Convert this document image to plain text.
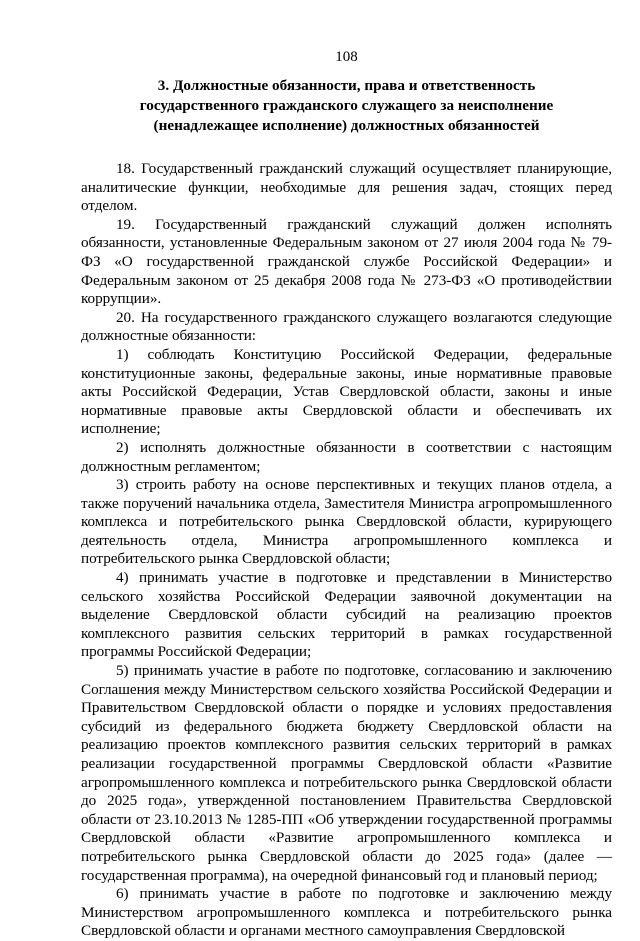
108
3. Должностные обязанности, права и ответственность
государственного гражданского служащего за неисполнение
(ненадлежащее исполнение) должностных обязанностей

18. Государственный гражданский служащий осуществляет планирующие, аналитические функции, необходимые для решения задач, стоящих перед отделом.

19. Государственный гражданский служащий должен исполнять обязанности, установленные Федеральным законом от 27 июля 2004 года № 79-ФЗ «О государственной гражданской службе Российской Федерации» и Федеральным законом от 25 декабря 2008 года № 273-ФЗ «О противодействии коррупции».

20. На государственного гражданского служащего возлагаются следующие должностные обязанности:

1) соблюдать Конституцию Российской Федерации, федеральные конституционные законы, федеральные законы, иные нормативные правовые акты Российской Федерации, Устав Свердловской области, законы и иные нормативные правовые акты Свердловской области и обеспечивать их исполнение;

2) исполнять должностные обязанности в соответствии с настоящим должностным регламентом;

3) строить работу на основе перспективных и текущих планов отдела, а также поручений начальника отдела, Заместителя Министра агропромышленного комплекса и потребительского рынка Свердловской области, курирующего деятельность отдела, Министра агропромышленного комплекса и потребительского рынка Свердловской области;

4) принимать участие в подготовке и представлении в Министерство сельского хозяйства Российской Федерации заявочной документации на выделение Свердловской области субсидий на реализацию проектов комплексного развития сельских территорий в рамках государственной программы Российской Федерации;

5) принимать участие в работе по подготовке, согласованию и заключению Соглашения между Министерством сельского хозяйства Российской Федерации и Правительством Свердловской области о порядке и условиях предоставления субсидий из федерального бюджета бюджету Свердловской области на реализацию проектов комплексного развития сельских территорий в рамках реализации государственной программы Свердловской области «Развитие агропромышленного комплекса и потребительского рынка Свердловской области до 2025 года», утвержденной постановлением Правительства Свердловской области от 23.10.2013 № 1285-ПП «Об утверждении государственной программы Свердловской области «Развитие агропромышленного комплекса и потребительского рынка Свердловской области до 2025 года» (далее — государственная программа), на очередной финансовый год и плановый период;

6) принимать участие в работе по подготовке и заключению между Министерством агропромышленного комплекса и потребительского рынка Свердловской области и органами местного самоуправления Свердловской
